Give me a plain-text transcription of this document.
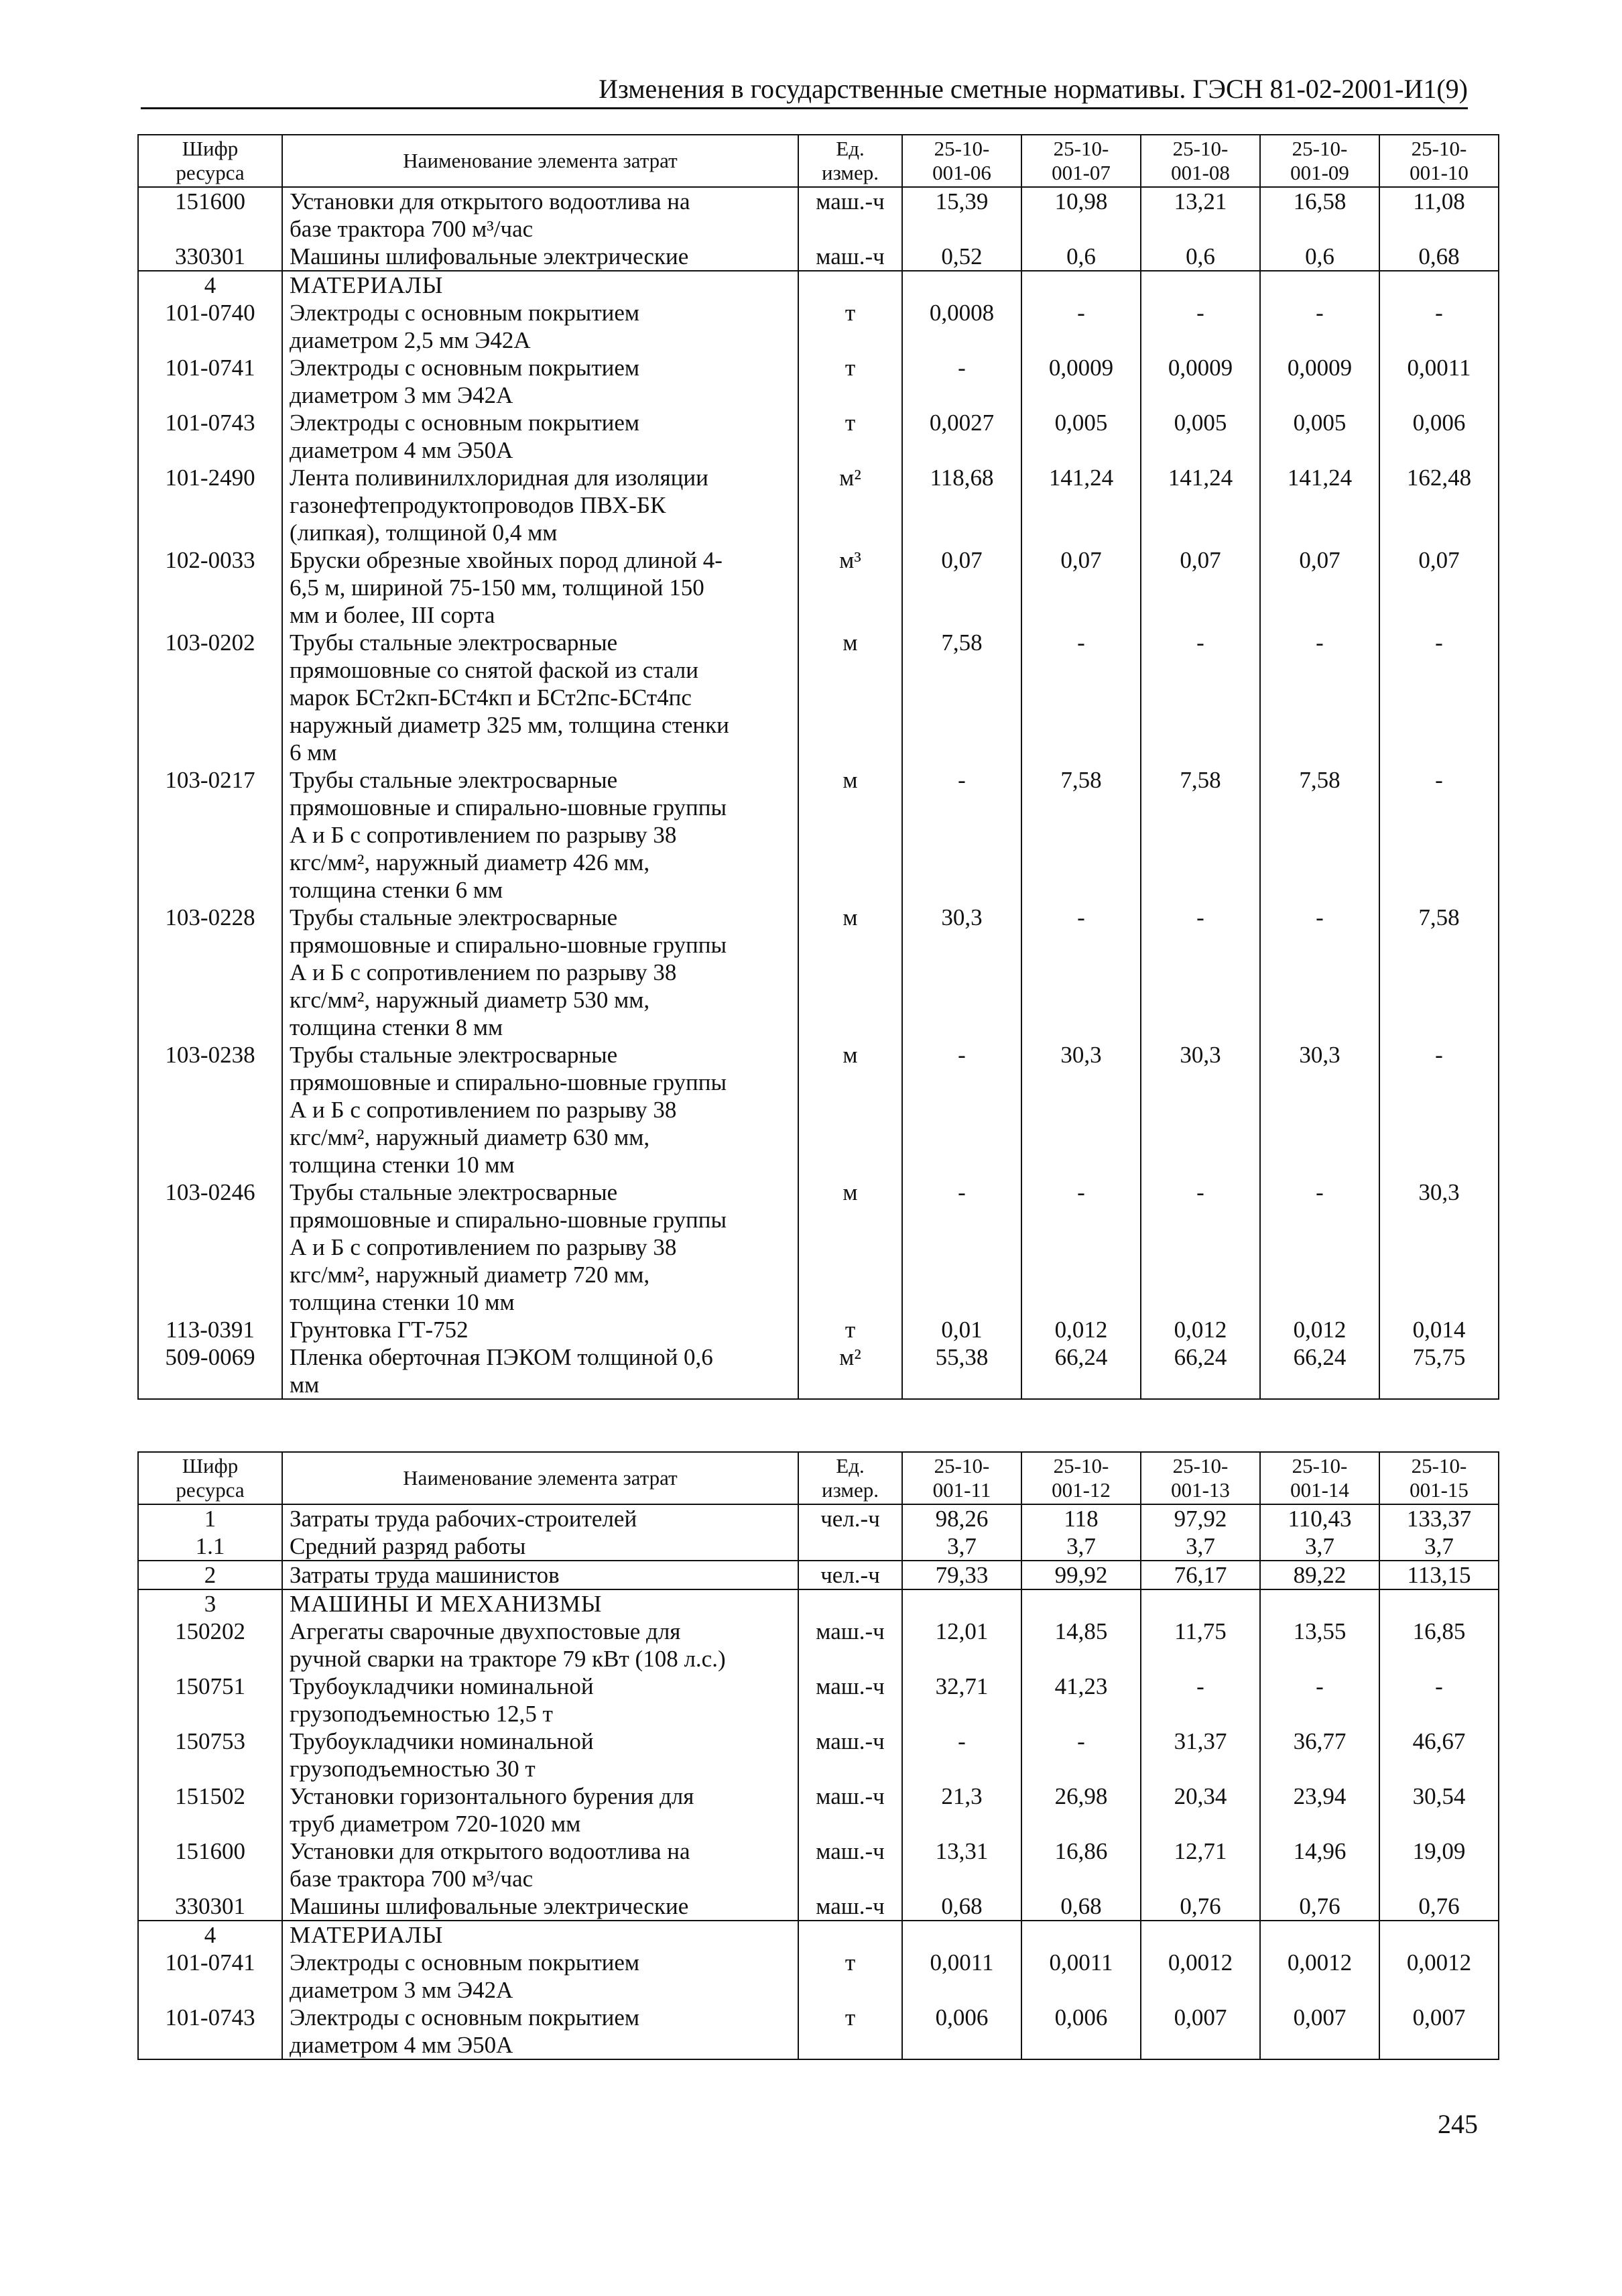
Изменения в государственные сметные нормативы. ГЭСН 81-02-2001-И1(9)
Шифр
ресурса	Наименование элемента затрат	Ед.
измер.	25-10-
001-06	25-10-
001-07	25-10-
001-08	25-10-
001-09	25-10-
001-10

151600	Установки для открытого водоотлива на
базе трактора 700 м³/час	маш.-ч	15,39	10,98	13,21	16,58	11,08
330301	Машины шлифовальные электрические	маш.-ч	0,52	0,6	0,6	0,6	0,68
4	МАТЕРИАЛЫ						

101-0740	Электроды с основным покрытием
диаметром 2,5 мм Э42А	т	0,0008	-	-	-	-
101-0741	Электроды с основным покрытием
диаметром 3 мм Э42А	т	-	0,0009	0,0009	0,0009	0,0011
101-0743	Электроды с основным покрытием
диаметром 4 мм Э50А	т	0,0027	0,005	0,005	0,005	0,006
101-2490	Лента поливинилхлоридная для изоляции
газонефтепродуктопроводов ПВХ-БК
(липкая), толщиной 0,4 мм	м²	118,68	141,24	141,24	141,24	162,48
102-0033	Бруски обрезные хвойных пород длиной 4-
6,5 м, шириной 75-150 мм, толщиной 150
мм и более, III сорта	м³	0,07	0,07	0,07	0,07	0,07
103-0202	Трубы стальные электросварные
прямошовные со снятой фаской из стали
марок БСт2кп-БСт4кп и БСт2пс-БСт4пс
наружный диаметр 325 мм, толщина стенки
6 мм	м	7,58	-	-	-	-
103-0217	Трубы стальные электросварные
прямошовные и спирально-шовные группы
А и Б с сопротивлением по разрыву 38
кгс/мм², наружный диаметр 426 мм,
толщина стенки 6 мм	м	-	7,58	7,58	7,58	-
103-0228	Трубы стальные электросварные
прямошовные и спирально-шовные группы
А и Б с сопротивлением по разрыву 38
кгс/мм², наружный диаметр 530 мм,
толщина стенки 8 мм	м	30,3	-	-	-	7,58
103-0238	Трубы стальные электросварные
прямошовные и спирально-шовные группы
А и Б с сопротивлением по разрыву 38
кгс/мм², наружный диаметр 630 мм,
толщина стенки 10 мм	м	-	30,3	30,3	30,3	-
103-0246	Трубы стальные электросварные
прямошовные и спирально-шовные группы
А и Б с сопротивлением по разрыву 38
кгс/мм², наружный диаметр 720 мм,
толщина стенки 10 мм	м	-	-	-	-	30,3
113-0391	Грунтовка ГТ-752	т	0,01	0,012	0,012	0,012	0,014
509-0069	Пленка оберточная ПЭКОМ толщиной 0,6
мм	м²	55,38	66,24	66,24	66,24	75,75
Шифр
ресурса	Наименование элемента затрат	Ед.
измер.	25-10-
001-11	25-10-
001-12	25-10-
001-13	25-10-
001-14	25-10-
001-15

1	Затраты труда рабочих-строителей	чел.-ч	98,26	118	97,92	110,43	133,37
1.1	Средний разряд работы		3,7	3,7	3,7	3,7	3,7
2	Затраты труда машинистов	чел.-ч	79,33	99,92	76,17	89,22	113,15
3	МАШИНЫ И МЕХАНИЗМЫ						

150202	Агрегаты сварочные двухпостовые для
ручной сварки на тракторе 79 кВт (108 л.с.)	маш.-ч	12,01	14,85	11,75	13,55	16,85
150751	Трубоукладчики номинальной
грузоподъемностью 12,5 т	маш.-ч	32,71	41,23	-	-	-
150753	Трубоукладчики номинальной
грузоподъемностью 30 т	маш.-ч	-	-	31,37	36,77	46,67
151502	Установки горизонтального бурения для
труб диаметром 720-1020 мм	маш.-ч	21,3	26,98	20,34	23,94	30,54
151600	Установки для открытого водоотлива на
базе трактора 700 м³/час	маш.-ч	13,31	16,86	12,71	14,96	19,09
330301	Машины шлифовальные электрические	маш.-ч	0,68	0,68	0,76	0,76	0,76
4	МАТЕРИАЛЫ						

101-0741	Электроды с основным покрытием
диаметром 3 мм Э42А	т	0,0011	0,0011	0,0012	0,0012	0,0012
101-0743	Электроды с основным покрытием
диаметром 4 мм Э50А	т	0,006	0,006	0,007	0,007	0,007
245
